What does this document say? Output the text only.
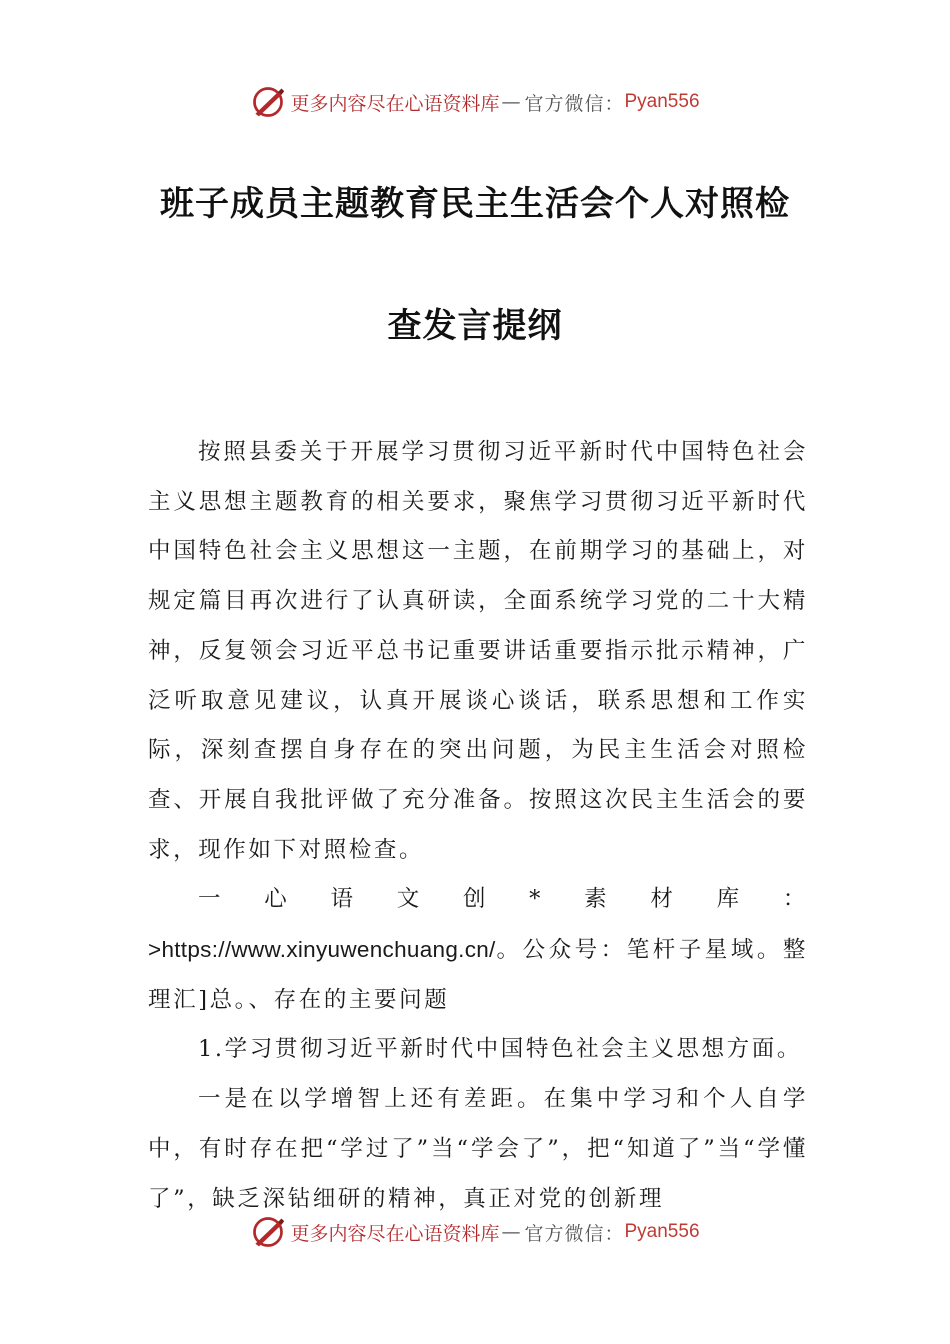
更多内容尽在心语资料库 — 官方微信： Pyan556
班子成员主题教育民主生活会个人对照检
查发言提纲

按照县委关于开展学习贯彻习近平新时代中国特色社会主义思想主题教育的相关要求，聚焦学习贯彻习近平新时代中国特色社会主义思想这一主题，在前期学习的基础上，对规定篇目再次进行了认真研读，全面系统学习党的二十大精神，反复领会习近平总书记重要讲话重要指示批示精神，广泛听取意见建议，认真开展谈心谈话，联系思想和工作实际，深刻查摆自身存在的突出问题，为民主生活会对照检查、开展自我批评做了充分准备。按照这次民主生活会的要求，现作如下对照检查。

一心语文创*素材库：>https://www.xinyuwenchuang.cn/。公众号：笔杆子星域。整理汇]总。、存在的主要问题

1.学习贯彻习近平新时代中国特色社会主义思想方面。

一是在以学增智上还有差距。在集中学习和个人自学中，有时存在把“学过了”当“学会了”，把“知道了”当“学懂了”，缺乏深钻细研的精神，真正对党的创新理

更多内容尽在心语资料库 — 官方微信： Pyan556
